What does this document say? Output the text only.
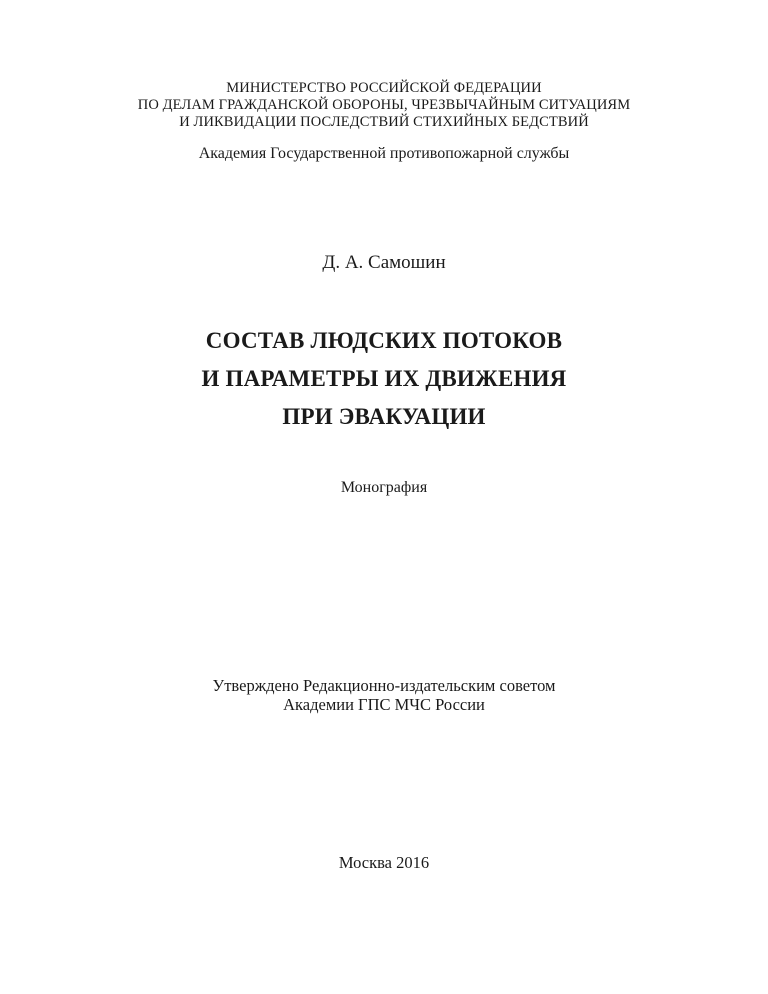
МИНИСТЕРСТВО РОССИЙСКОЙ ФЕДЕРАЦИИ
ПО ДЕЛАМ ГРАЖДАНСКОЙ ОБОРОНЫ, ЧРЕЗВЫЧАЙНЫМ СИТУАЦИЯМ
И ЛИКВИДАЦИИ ПОСЛЕДСТВИЙ СТИХИЙНЫХ БЕДСТВИЙ
Академия Государственной противопожарной службы
Д. А. Самошин
СОСТАВ ЛЮДСКИХ ПОТОКОВ
И ПАРАМЕТРЫ ИХ ДВИЖЕНИЯ
ПРИ ЭВАКУАЦИИ
Монография
Утверждено Редакционно-издательским советом
Академии ГПС МЧС России
Москва 2016
